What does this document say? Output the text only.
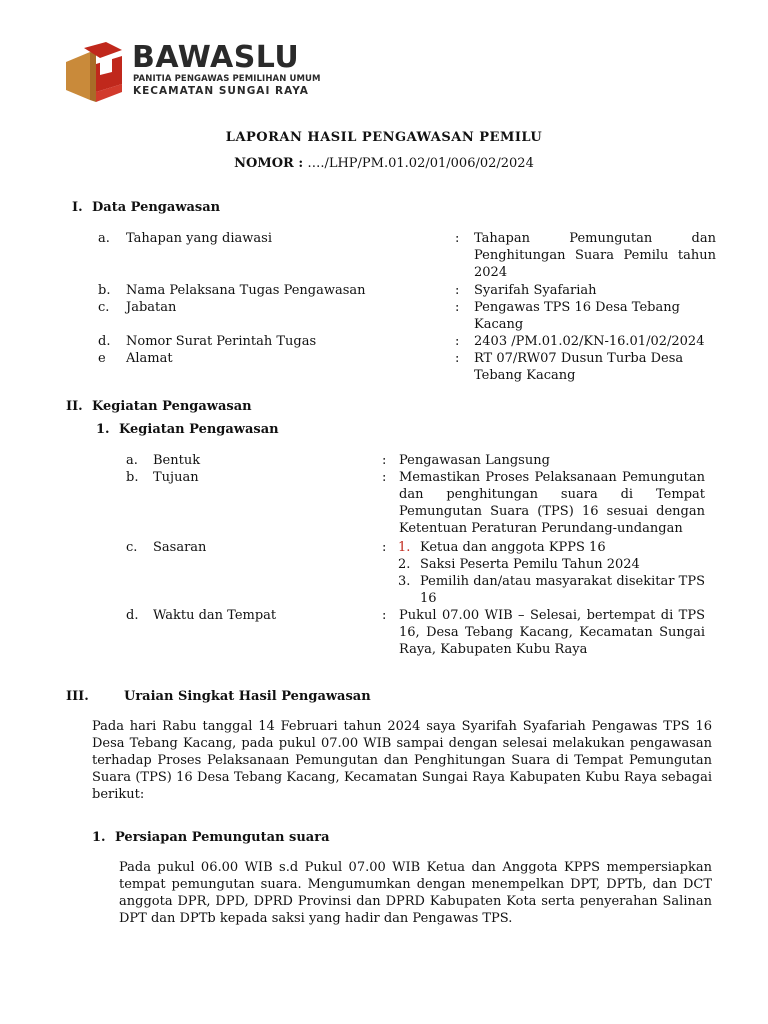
BAWASLU
PANITIA PENGAWAS PEMILIHAN UMUM
KECAMATAN SUNGAI RAYA
LAPORAN HASIL PENGAWASAN PEMILU
NOMOR : …./LHP/PM.01.02/01/006/02/2024
I. Data Pengawasan
a. Tahapan yang diawasi	: Tahapan Pemungutan dan Penghitungan Suara Pemilu tahun 2024
b. Nama Pelaksana Tugas Pengawasan	: Syarifah Syafariah
c. Jabatan	: Pengawas TPS 16 Desa Tebang Kacang
d. Nomor Surat Perintah Tugas	: 2403 /PM.01.02/KN-16.01/02/2024
e Alamat	: RT 07/RW07 Dusun Turba Desa Tebang Kacang
II. Kegiatan Pengawasan
1. Kegiatan Pengawasan
a. Bentuk	: Pengawasan Langsung
b. Tujuan	: Memastikan Proses Pelaksanaan Pemungutan dan penghitungan suara di Tempat Pemungutan Suara (TPS) 16 sesuai dengan Ketentuan Peraturan Perundang-undangan
c. Sasaran	: 1. Ketua dan anggota KPPS 16
2. Saksi Peserta Pemilu Tahun 2024
3. Pemilih dan/atau masyarakat disekitar TPS 16
d. Waktu dan Tempat	: Pukul 07.00 WIB – Selesai, bertempat di TPS 16, Desa Tebang Kacang, Kecamatan Sungai Raya, Kabupaten Kubu Raya
III.	Uraian Singkat Hasil Pengawasan
Pada hari Rabu tanggal 14 Februari tahun 2024 saya Syarifah Syafariah Pengawas TPS 16 Desa Tebang Kacang, pada pukul 07.00 WIB sampai dengan selesai melakukan pengawasan terhadap Proses Pelaksanaan Pemungutan dan Penghitungan Suara di Tempat Pemungutan Suara (TPS) 16 Desa Tebang Kacang, Kecamatan Sungai Raya Kabupaten Kubu Raya sebagai berikut:
1. Persiapan Pemungutan suara
Pada pukul 06.00 WIB s.d Pukul 07.00 WIB Ketua dan Anggota KPPS mempersiapkan tempat pemungutan suara. Mengumumkan dengan menempelkan DPT, DPTb, dan DCT anggota DPR, DPD, DPRD Provinsi dan DPRD Kabupaten Kota serta penyerahan Salinan DPT dan DPTb kepada saksi yang hadir dan Pengawas TPS.
